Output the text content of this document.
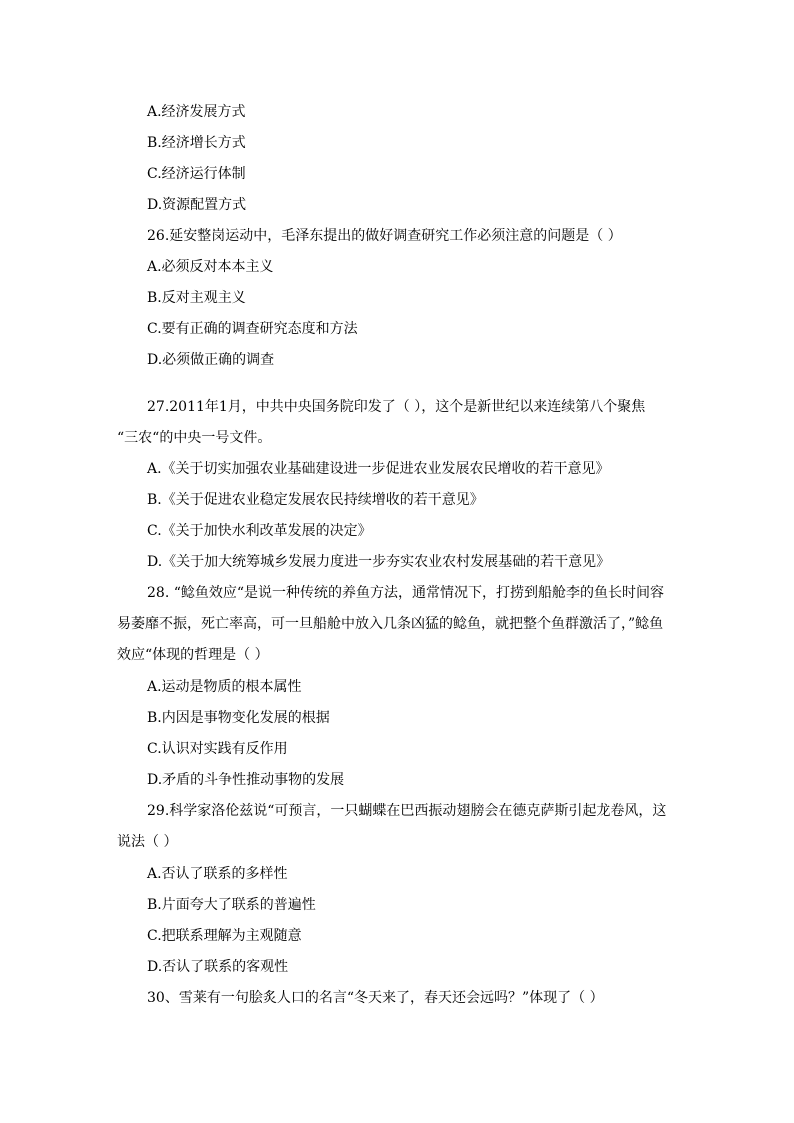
A.经济发展方式
B.经济增长方式
C.经济运行体制
D.资源配置方式
26.延安整岗运动中，毛泽东提出的做好调查研究工作必须注意的问题是（ ）
A.必须反对本本主义
B.反对主观主义
C.要有正确的调查研究态度和方法
D.必须做正确的调查
27.2011年1月，中共中央国务院印发了（ ），这个是新世纪以来连续第八个聚焦
“三农“的中央一号文件。
A.《关于切实加强农业基础建设进一步促进农业发展农民增收的若干意见》
B.《关于促进农业稳定发展农民持续增收的若干意见》
C.《关于加快水利改革发展的决定》
D.《关于加大统筹城乡发展力度进一步夯实农业农村发展基础的若干意见》
28. “鲶鱼效应“是说一种传统的养鱼方法，通常情况下，打捞到船舱李的鱼长时间容
易萎靡不振，死亡率高，可一旦船舱中放入几条凶猛的鲶鱼，就把整个鱼群激活了，”鲶鱼
效应“体现的哲理是（ ）
A.运动是物质的根本属性
B.内因是事物变化发展的根据
C.认识对实践有反作用
D.矛盾的斗争性推动事物的发展
29.科学家洛伦兹说“可预言，一只蝴蝶在巴西振动翅膀会在德克萨斯引起龙卷风，这
说法（ ）
A.否认了联系的多样性
B.片面夸大了联系的普遍性
C.把联系理解为主观随意
D.否认了联系的客观性
30、雪莱有一句脍炙人口的名言“冬天来了，春天还会远吗？”体现了（ ）
